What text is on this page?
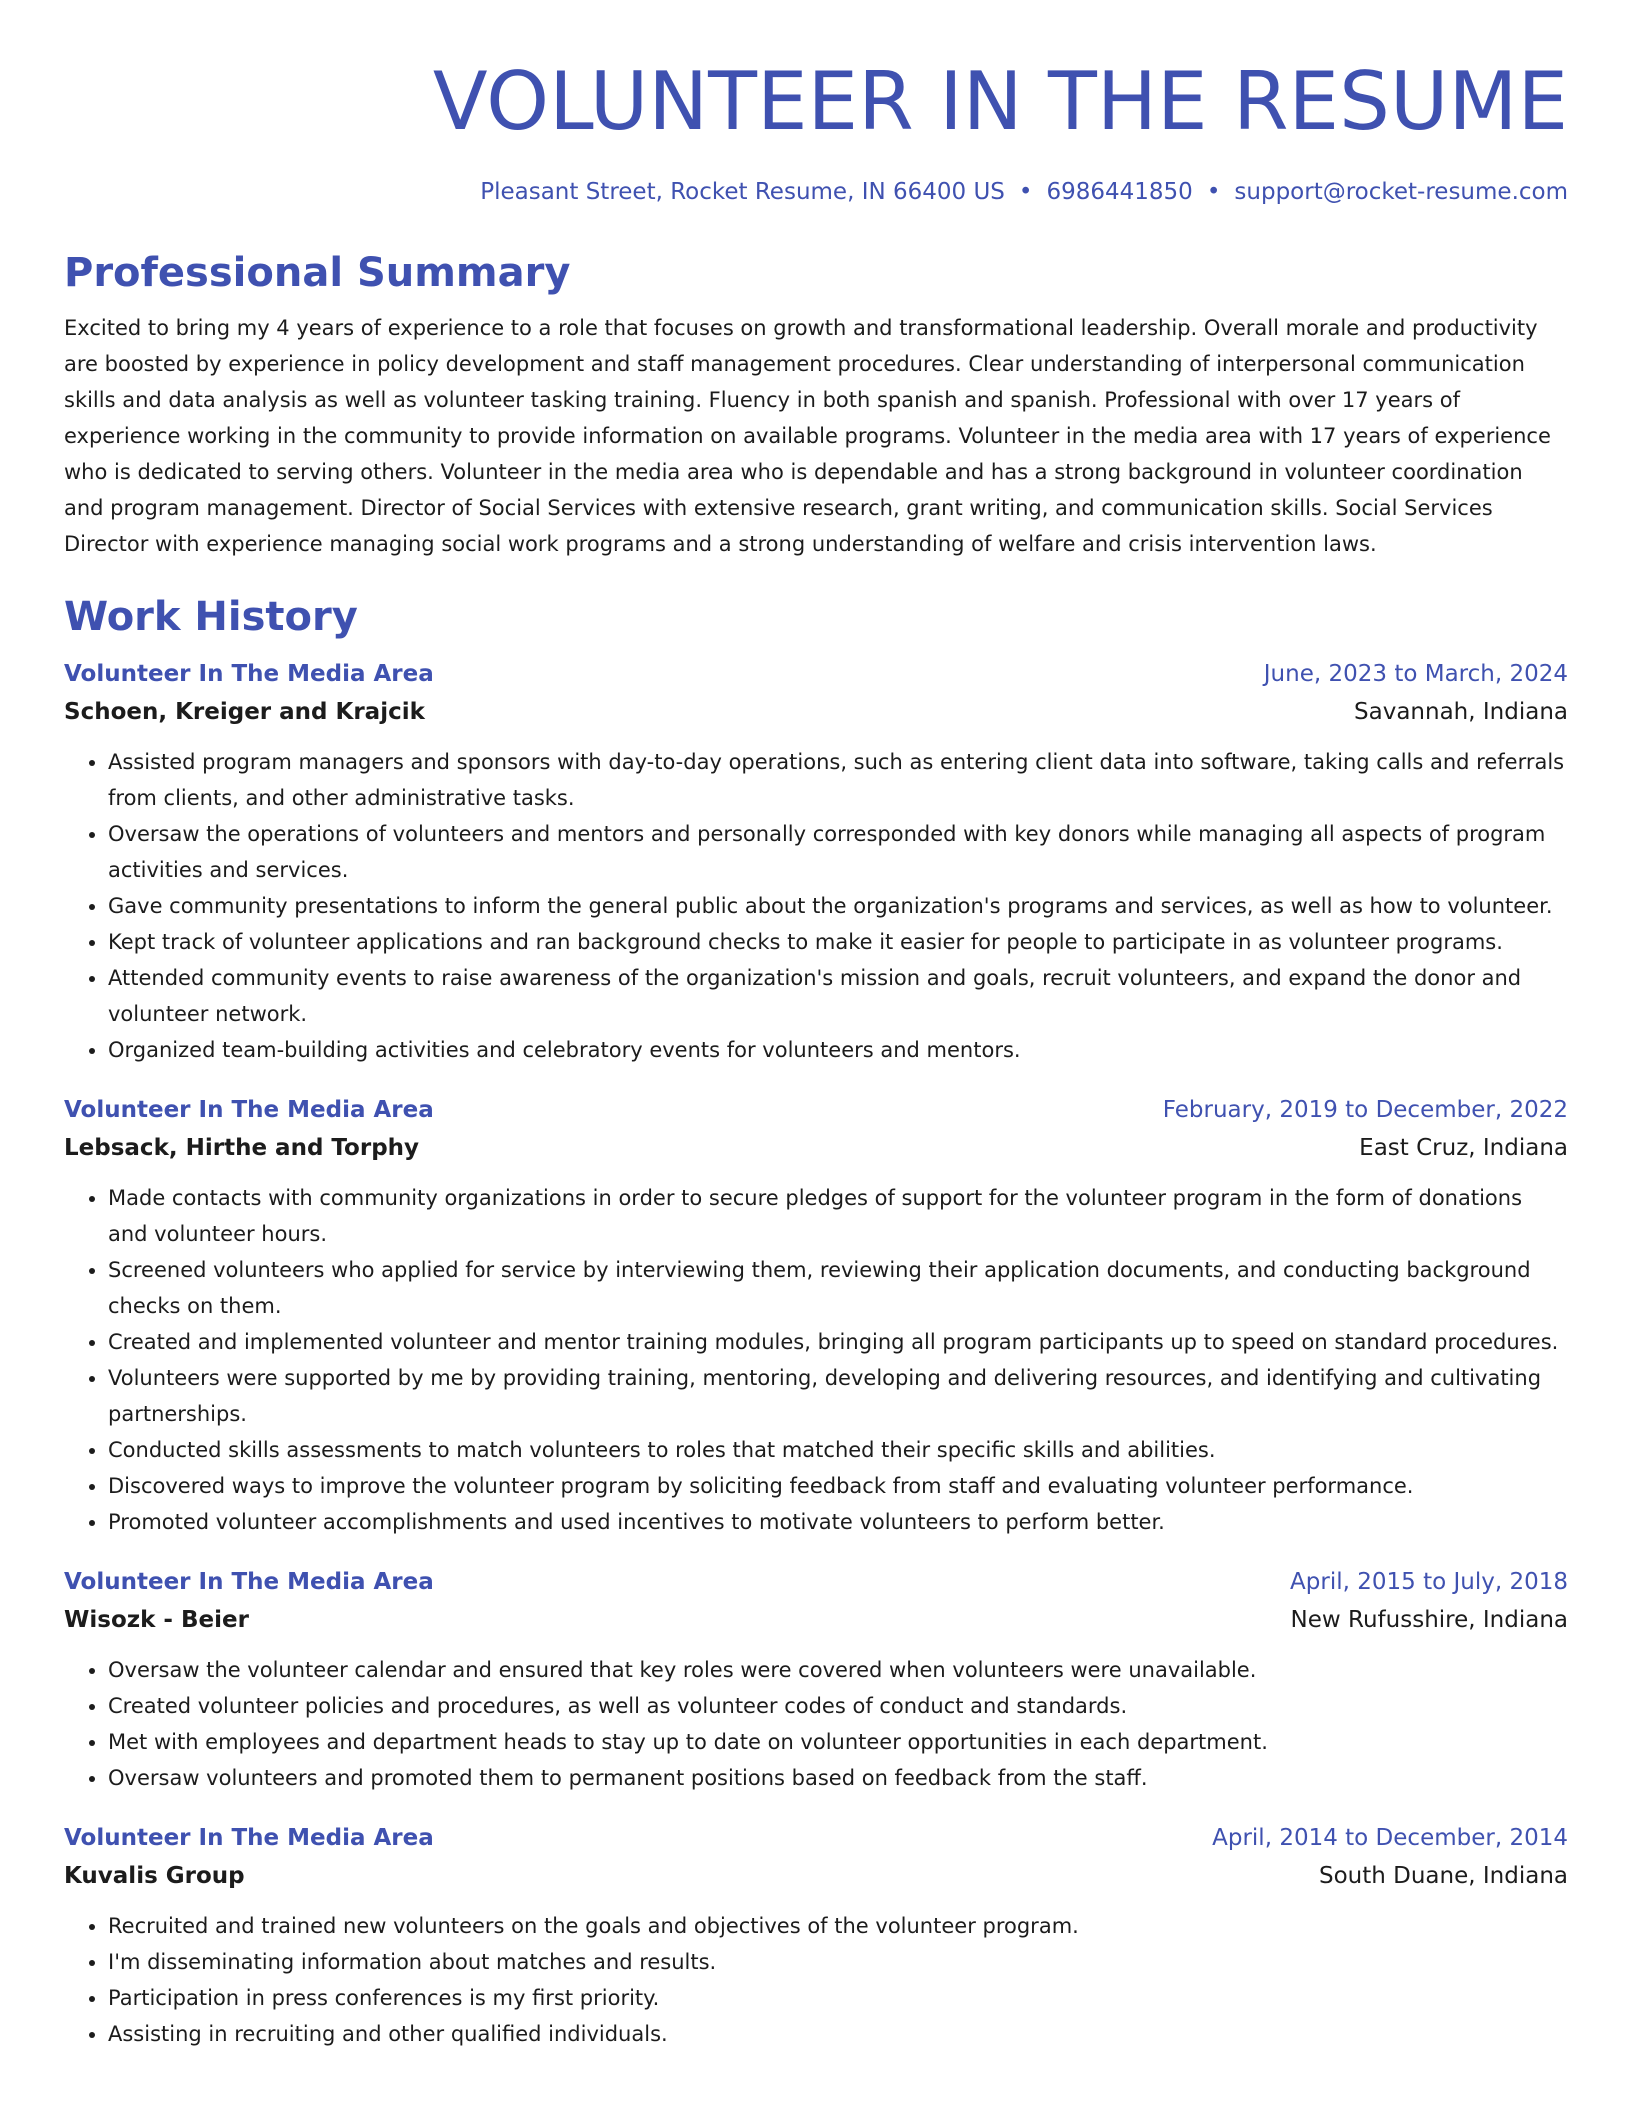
VOLUNTEER IN THE RESUME
Pleasant Street, Rocket Resume, IN 66400 US • 6986441850 • support@rocket-resume.com
Professional Summary
Excited to bring my 4 years of experience to a role that focuses on growth and transformational leadership. Overall morale and productivity are boosted by experience in policy development and staff management procedures. Clear understanding of interpersonal communication skills and data analysis as well as volunteer tasking training. Fluency in both spanish and spanish. Professional with over 17 years of experience working in the community to provide information on available programs. Volunteer in the media area with 17 years of experience who is dedicated to serving others. Volunteer in the media area who is dependable and has a strong background in volunteer coordination and program management. Director of Social Services with extensive research, grant writing, and communication skills. Social Services Director with experience managing social work programs and a strong understanding of welfare and crisis intervention laws.
Work History
Volunteer In The Media Area	June, 2023 to March, 2024
Schoen, Kreiger and Krajcik	Savannah, Indiana
• Assisted program managers and sponsors with day-to-day operations, such as entering client data into software, taking calls and referrals from clients, and other administrative tasks.
• Oversaw the operations of volunteers and mentors and personally corresponded with key donors while managing all aspects of program activities and services.
• Gave community presentations to inform the general public about the organization's programs and services, as well as how to volunteer.
• Kept track of volunteer applications and ran background checks to make it easier for people to participate in as volunteer programs.
• Attended community events to raise awareness of the organization's mission and goals, recruit volunteers, and expand the donor and volunteer network.
• Organized team-building activities and celebratory events for volunteers and mentors.
Volunteer In The Media Area	February, 2019 to December, 2022
Lebsack, Hirthe and Torphy	East Cruz, Indiana
• Made contacts with community organizations in order to secure pledges of support for the volunteer program in the form of donations and volunteer hours.
• Screened volunteers who applied for service by interviewing them, reviewing their application documents, and conducting background checks on them.
• Created and implemented volunteer and mentor training modules, bringing all program participants up to speed on standard procedures.
• Volunteers were supported by me by providing training, mentoring, developing and delivering resources, and identifying and cultivating partnerships.
• Conducted skills assessments to match volunteers to roles that matched their specific skills and abilities.
• Discovered ways to improve the volunteer program by soliciting feedback from staff and evaluating volunteer performance.
• Promoted volunteer accomplishments and used incentives to motivate volunteers to perform better.
Volunteer In The Media Area	April, 2015 to July, 2018
Wisozk - Beier	New Rufusshire, Indiana
• Oversaw the volunteer calendar and ensured that key roles were covered when volunteers were unavailable.
• Created volunteer policies and procedures, as well as volunteer codes of conduct and standards.
• Met with employees and department heads to stay up to date on volunteer opportunities in each department.
• Oversaw volunteers and promoted them to permanent positions based on feedback from the staff.
Volunteer In The Media Area	April, 2014 to December, 2014
Kuvalis Group	South Duane, Indiana
• Recruited and trained new volunteers on the goals and objectives of the volunteer program.
• I'm disseminating information about matches and results.
• Participation in press conferences is my first priority.
• Assisting in recruiting and other qualified individuals.
